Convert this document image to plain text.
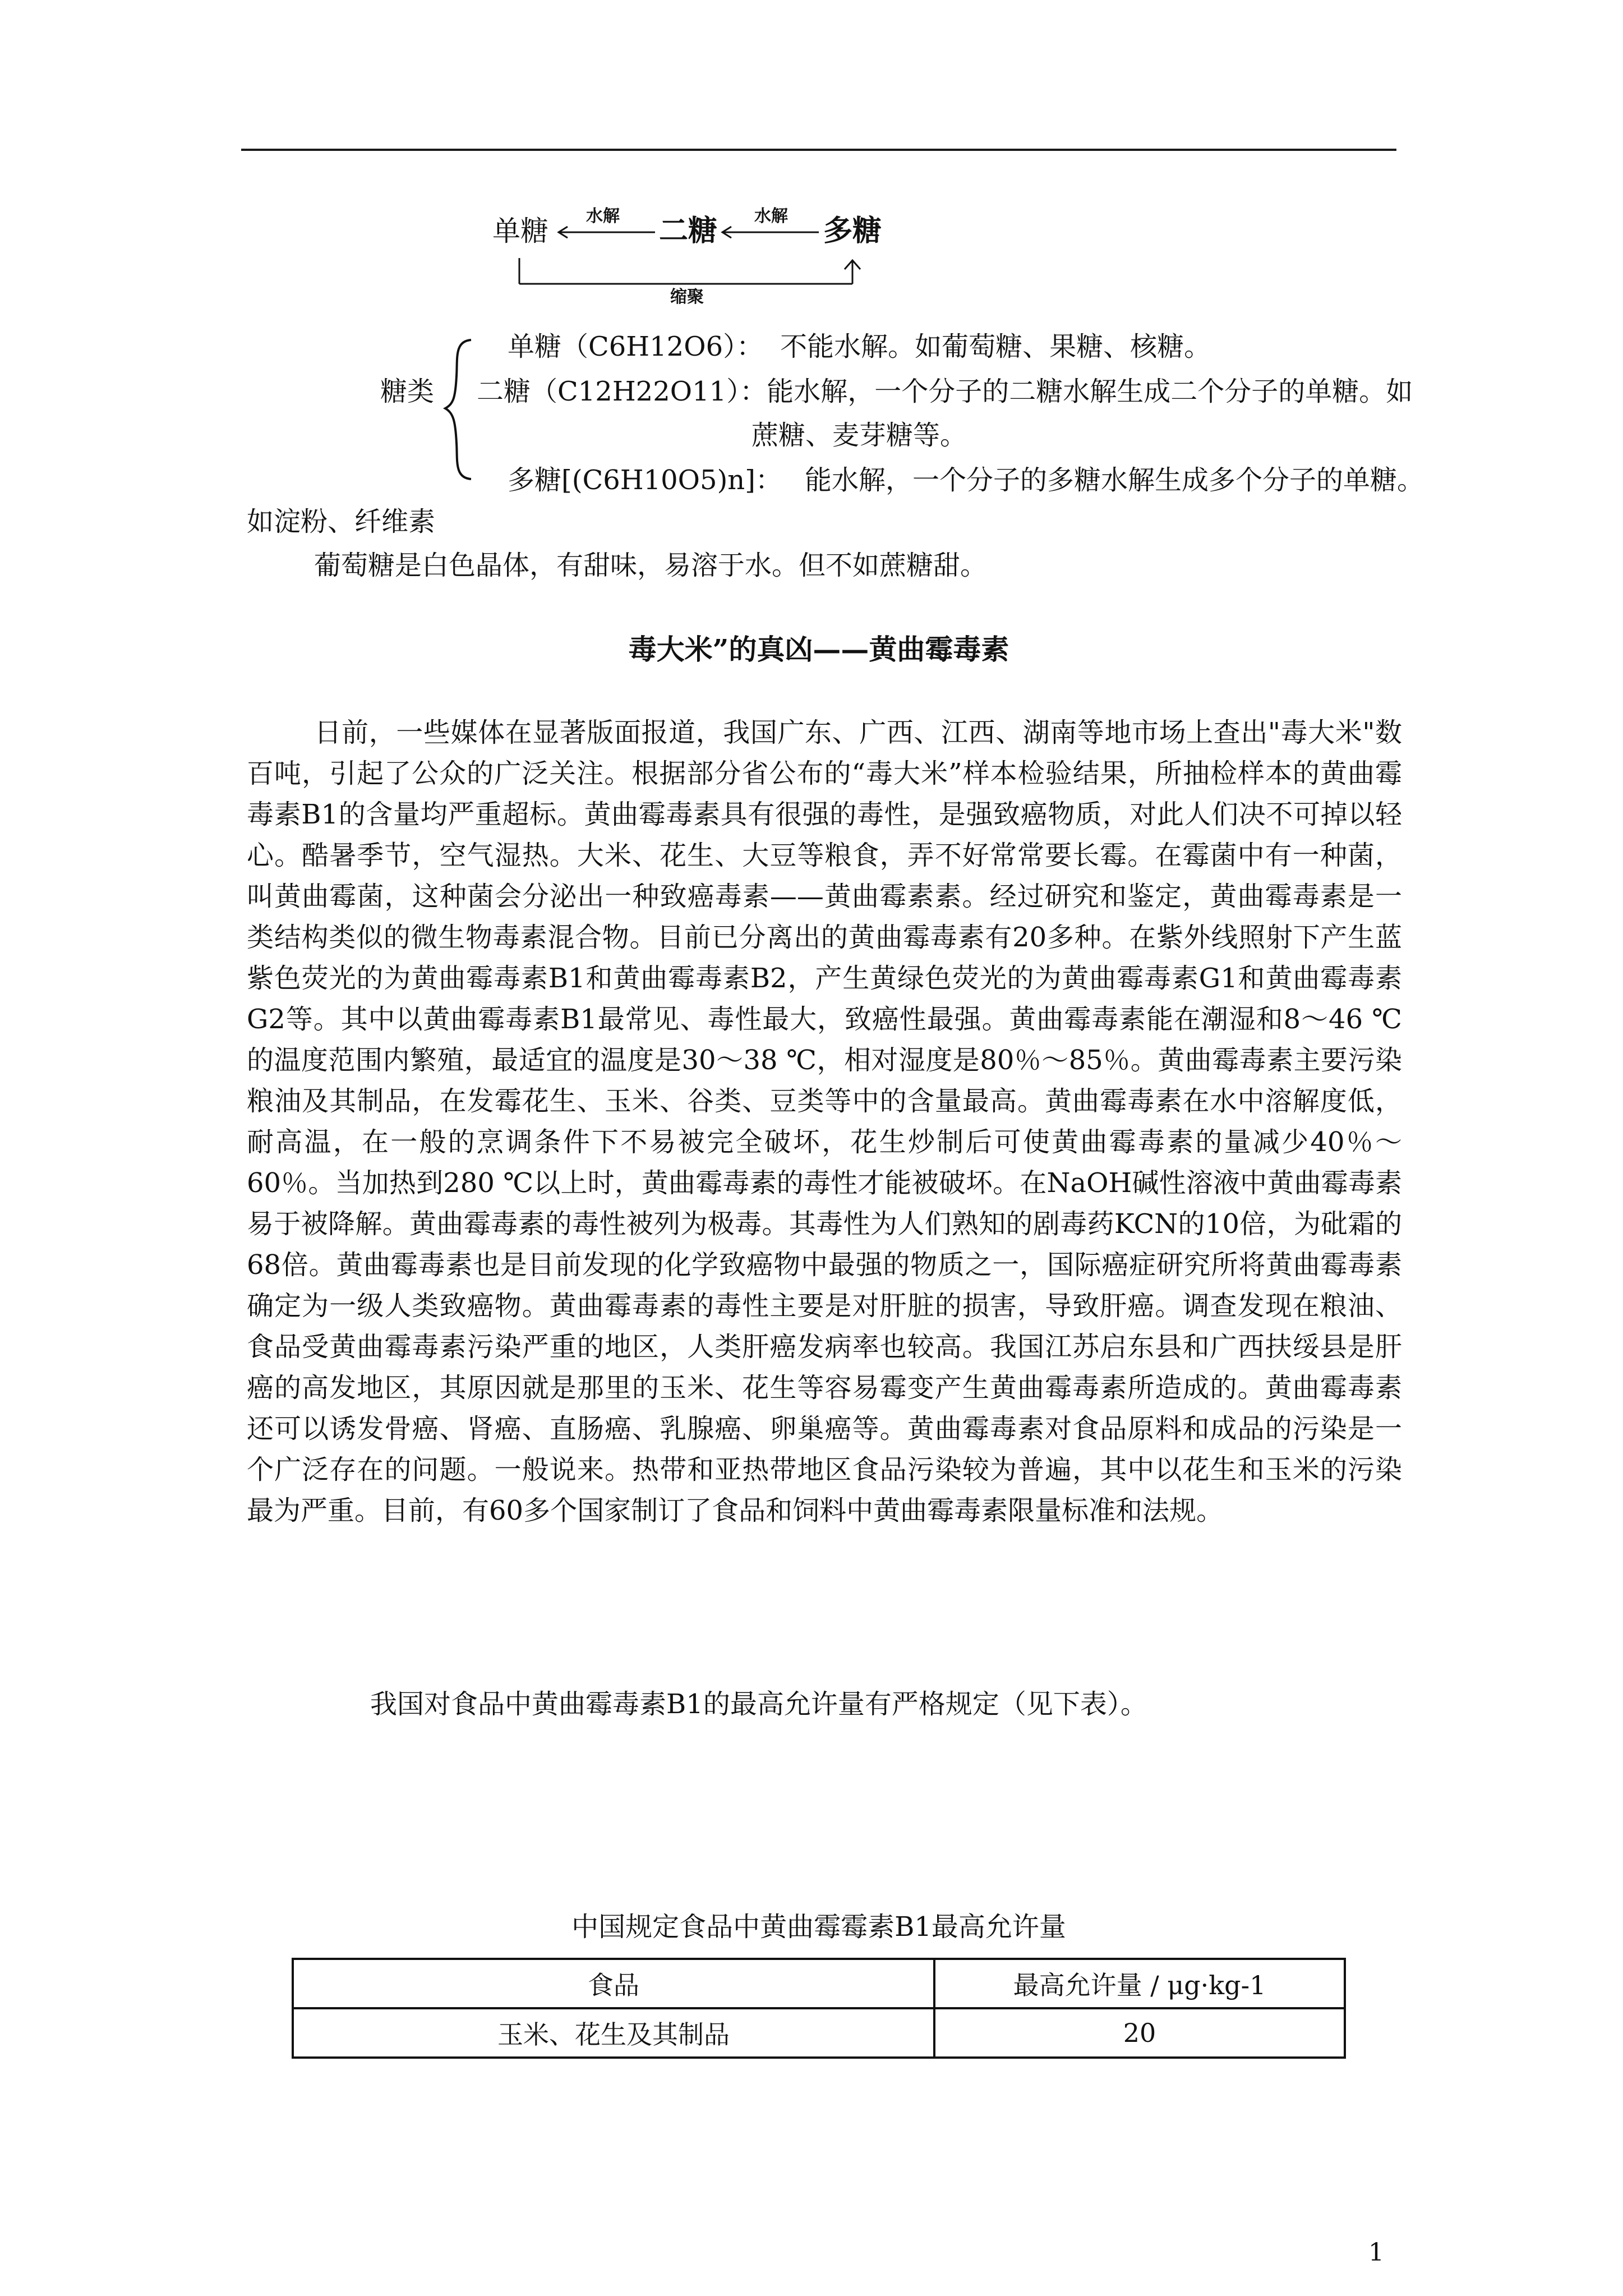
单糖	二糖	多糖
水解	水解
缩聚
糖类
单糖（C6H12O6）： 不能水解。如葡萄糖、果糖、核糖。
二糖（C12H22O11）：能水解，一个分子的二糖水解生成二个分子的单糖。如
蔗糖、麦芽糖等。
多糖[(C6H10O5)n]： 能水解，一个分子的多糖水解生成多个分子的单糖。
如淀粉、纤维素
葡萄糖是白色晶体，有甜味，易溶于水。但不如蔗糖甜。
毒大米”的真凶——黄曲霉毒素
日前，一些媒体在显著版面报道，我国广东、广西、江西、湖南等地市场上查出"毒大米"数百吨，引起了公众的广泛关注。根据部分省公布的“毒大米”样本检验结果，所抽检样本的黄曲霉毒素B1的含量均严重超标。黄曲霉毒素具有很强的毒性，是强致癌物质，对此人们决不可掉以轻心。酷暑季节，空气湿热。大米、花生、大豆等粮食，弄不好常常要长霉。在霉菌中有一种菌，叫黄曲霉菌，这种菌会分泌出一种致癌毒素——黄曲霉素素。经过研究和鉴定，黄曲霉毒素是一类结构类似的微生物毒素混合物。目前已分离出的黄曲霉毒素有20多种。在紫外线照射下产生蓝紫色荧光的为黄曲霉毒素B1和黄曲霉毒素B2，产生黄绿色荧光的为黄曲霉毒素G1和黄曲霉毒素G2等。其中以黄曲霉毒素B1最常见、毒性最大，致癌性最强。黄曲霉毒素能在潮湿和8～46 ℃的温度范围内繁殖，最适宜的温度是30～38 ℃，相对湿度是80％～85％。黄曲霉毒素主要污染粮油及其制品，在发霉花生、玉米、谷类、豆类等中的含量最高。黄曲霉毒素在水中溶解度低，耐高温，在一般的烹调条件下不易被完全破坏，花生炒制后可使黄曲霉毒素的量减少40％～60％。当加热到280 ℃以上时，黄曲霉毒素的毒性才能被破坏。在NaOH碱性溶液中黄曲霉毒素易于被降解。黄曲霉毒素的毒性被列为极毒。其毒性为人们熟知的剧毒药KCN的10倍，为砒霜的68倍。黄曲霉毒素也是目前发现的化学致癌物中最强的物质之一，国际癌症研究所将黄曲霉毒素确定为一级人类致癌物。黄曲霉毒素的毒性主要是对肝脏的损害，导致肝癌。调查发现在粮油、食品受黄曲霉毒素污染严重的地区，人类肝癌发病率也较高。我国江苏启东县和广西扶绥县是肝癌的高发地区，其原因就是那里的玉米、花生等容易霉变产生黄曲霉毒素所造成的。黄曲霉毒素还可以诱发骨癌、肾癌、直肠癌、乳腺癌、卵巢癌等。黄曲霉毒素对食品原料和成品的污染是一个广泛存在的问题。一般说来。热带和亚热带地区食品污染较为普遍，其中以花生和玉米的污染最为严重。目前，有60多个国家制订了食品和饲料中黄曲霉毒素限量标准和法规。
我国对食品中黄曲霉毒素B1的最高允许量有严格规定（见下表）。
中国规定食品中黄曲霉霉素B1最高允许量
食品	最高允许量 / μg·kg-1
玉米、花生及其制品	20
1
